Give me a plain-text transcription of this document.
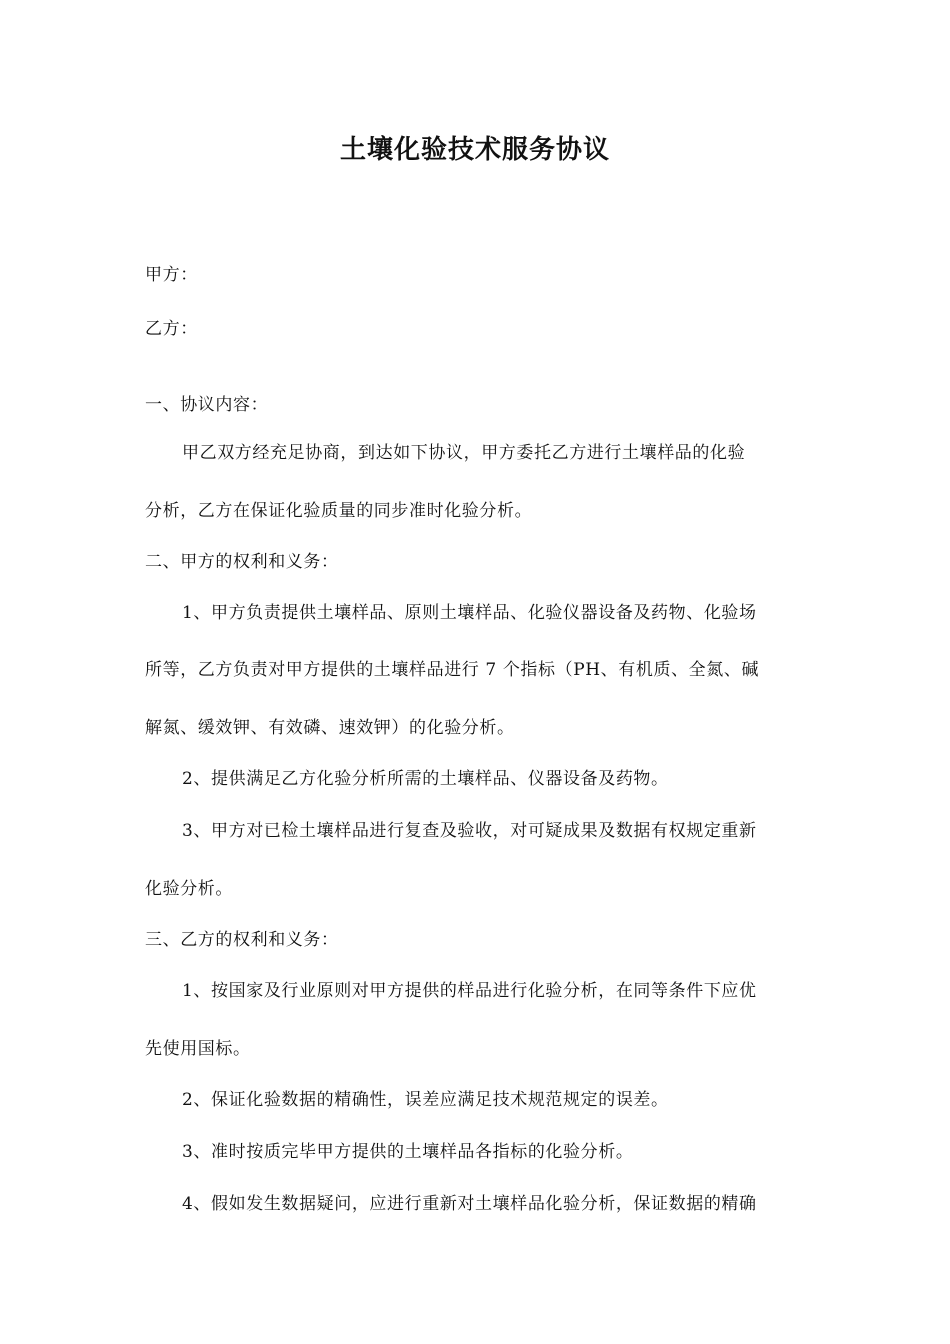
土壤化验技术服务协议
甲方：
乙方：
一、协议内容：
甲乙双方经充足协商，到达如下协议，甲方委托乙方进行土壤样品的化验
分析，乙方在保证化验质量的同步准时化验分析。
二、甲方的权利和义务：
1、甲方负责提供土壤样品、原则土壤样品、化验仪器设备及药物、化验场
所等，乙方负责对甲方提供的土壤样品进行 7 个指标（PH、有机质、全氮、碱
解氮、缓效钾、有效磷、速效钾）的化验分析。
2、提供满足乙方化验分析所需的土壤样品、仪器设备及药物。
3、甲方对已检土壤样品进行复查及验收，对可疑成果及数据有权规定重新
化验分析。
三、乙方的权利和义务：
1、按国家及行业原则对甲方提供的样品进行化验分析，在同等条件下应优
先使用国标。
2、保证化验数据的精确性，误差应满足技术规范规定的误差。
3、准时按质完毕甲方提供的土壤样品各指标的化验分析。
4、假如发生数据疑问，应进行重新对土壤样品化验分析，保证数据的精确
